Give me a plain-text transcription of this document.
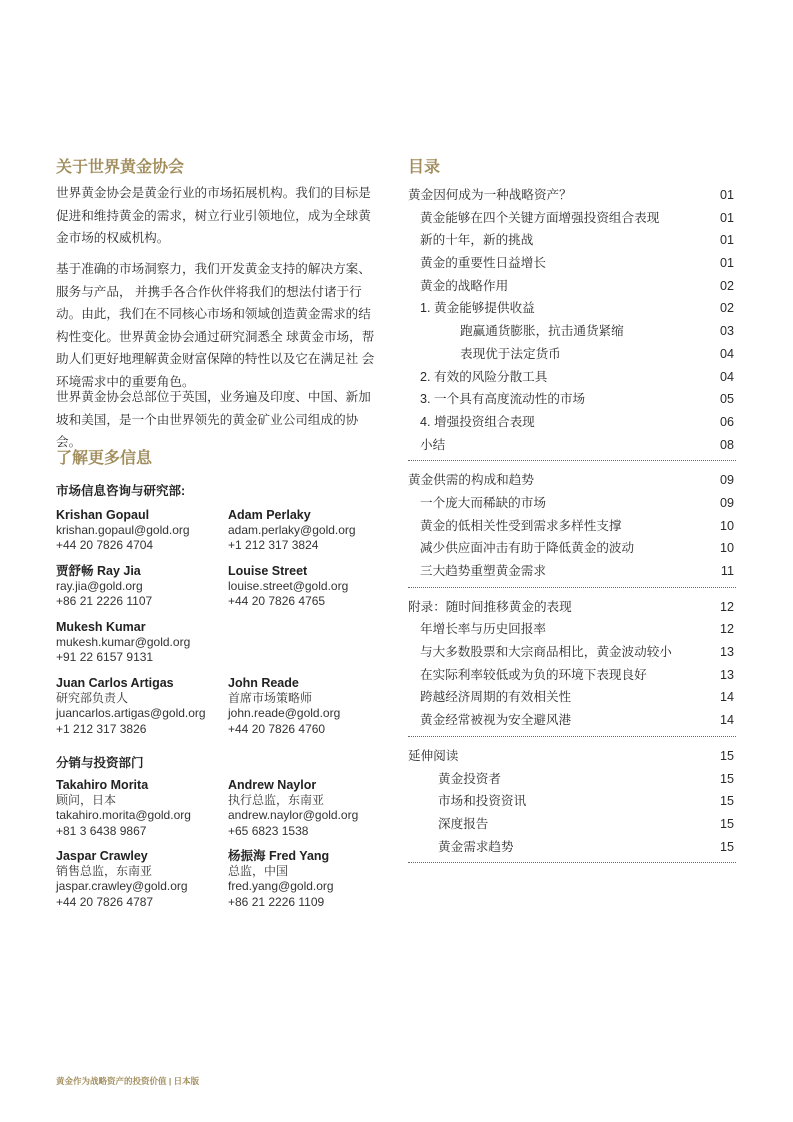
关于世界黄金协会

世界黄金协会是黄金行业的市场拓展机构。我们的目标是促进和维持黄金的需求，树立行业引领地位，成为全球黄金市场的权威机构。

基于准确的市场洞察力，我们开发黄金支持的解决方案、服务与产品， 并携手各合作伙伴将我们的想法付诸于行动。由此，我们在不同核心市场和领域创造黄金需求的结构性变化。世界黄金协会通过研究洞悉全 球黄金市场，帮助人们更好地理解黄金财富保障的特性以及它在满足社 会环境需求中的重要角色。

世界黄金协会总部位于英国，业务遍及印度、中国、新加坡和美国，是一个由世界领先的黄金矿业公司组成的协会。

了解更多信息
市场信息咨询与研究部:
分销与投资部门
Krishan Gopaul
krishan.gopaul@gold.org
+44 20 7826 4704
Adam Perlaky
adam.perlaky@gold.org
+1 212 317 3824
贾舒畅 Ray Jia
ray.jia@gold.org
+86 21 2226 1107
Louise Street
louise.street@gold.org
+44 20 7826 4765
Mukesh Kumar
mukesh.kumar@gold.org
+91 22 6157 9131
Juan Carlos Artigas
研究部负责人
juancarlos.artigas@gold.org
+1 212 317 3826
John Reade
首席市场策略师
john.reade@gold.org
+44 20 7826 4760
Takahiro Morita
顾问，日本
takahiro.morita@gold.org
+81 3 6438 9867
Andrew Naylor
执行总监，东南亚
andrew.naylor@gold.org
+65 6823 1538
Jaspar Crawley
销售总监，东南亚
jaspar.crawley@gold.org
+44 20 7826 4787
杨振海 Fred Yang
总监，中国
fred.yang@gold.org
+86 21 2226 1109
目录
黄金因何成为一种战略资产？	01
黄金能够在四个关键方面增强投资组合表现	01
新的十年，新的挑战	01
黄金的重要性日益增长	01
黄金的战略作用	02
1. 黄金能够提供收益	02
跑赢通货膨胀，抗击通货紧缩	03
表现优于法定货币	04
2. 有效的风险分散工具	04
3. 一个具有高度流动性的市场	05
4. 增强投资组合表现	06
小结	08
黄金供需的构成和趋势	09
一个庞大而稀缺的市场	09
黄金的低相关性受到需求多样性支撑	10
减少供应面冲击有助于降低黄金的波动	10
三大趋势重塑黄金需求	11
附录：随时间推移黄金的表现	12
年增长率与历史回报率	12
与大多数股票和大宗商品相比，黄金波动较小	13
在实际利率较低或为负的环境下表现良好	13
跨越经济周期的有效相关性	14
黄金经常被视为安全避风港	14
延伸阅读	15
黄金投资者	15
市场和投资资讯	15
深度报告	15
黄金需求趋势	15
黄金作为战略资产的投资价值 | 日本版
